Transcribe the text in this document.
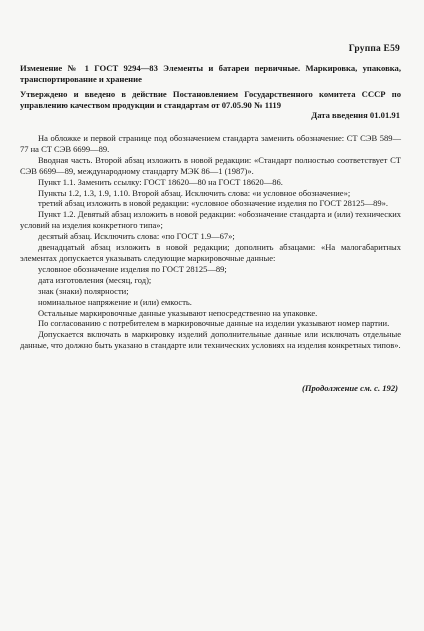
Группа Е59

Изменение № 1 ГОСТ 9294—83 Элементы и батареи первичные. Маркировка, упаковка, транспортирование и хранение

Утверждено и введено в действие Постановлением Государственного комитета СССР по управлению качеством продукции и стандартам от 07.05.90 № 1119

Дата введения 01.01.91

На обложке и первой странице под обозначением стандарта заменить обозначение: СТ СЭВ 589—77 на СТ СЭВ 6699—89.

Вводная часть. Второй абзац изложить в новой редакции: «Стандарт полностью соответствует СТ СЭВ 6699—89, международному стандарту МЭК 86—1 (1987)».

Пункт 1.1. Заменить ссылку: ГОСТ 18620—80 на ГОСТ 18620—86.

Пункты 1.2, 1.3, 1.9, 1.10. Второй абзац. Исключить слова: «и условное обозначение»;

третий абзац изложить в новой редакции: «условное обозначение изделия по ГОСТ 28125—89».

Пункт 1.2. Девятый абзац изложить в новой редакции: «обозначение стандарта и (или) технических условий на изделия конкретного типа»;

десятый абзац. Исключить слова: «по ГОСТ 1.9—67»;

двенадцатый абзац изложить в новой редакции; дополнить абзацами: «На малогабаритных элементах допускается указывать следующие маркировочные данные:

условное обозначение изделия по ГОСТ 28125—89;

дата изготовления (месяц, год);

знак (знаки) полярности;

номинальное напряжение и (или) емкость.

Остальные маркировочные данные указывают непосредственно на упаковке.

По согласованию с потребителем в маркировочные данные на изделии указывают номер партии.

Допускается включать в маркировку изделий дополнительные данные или исключать отдельные данные, что должно быть указано в стандарте или технических условиях на изделия конкретных типов».

(Продолжение см. с. 192)
